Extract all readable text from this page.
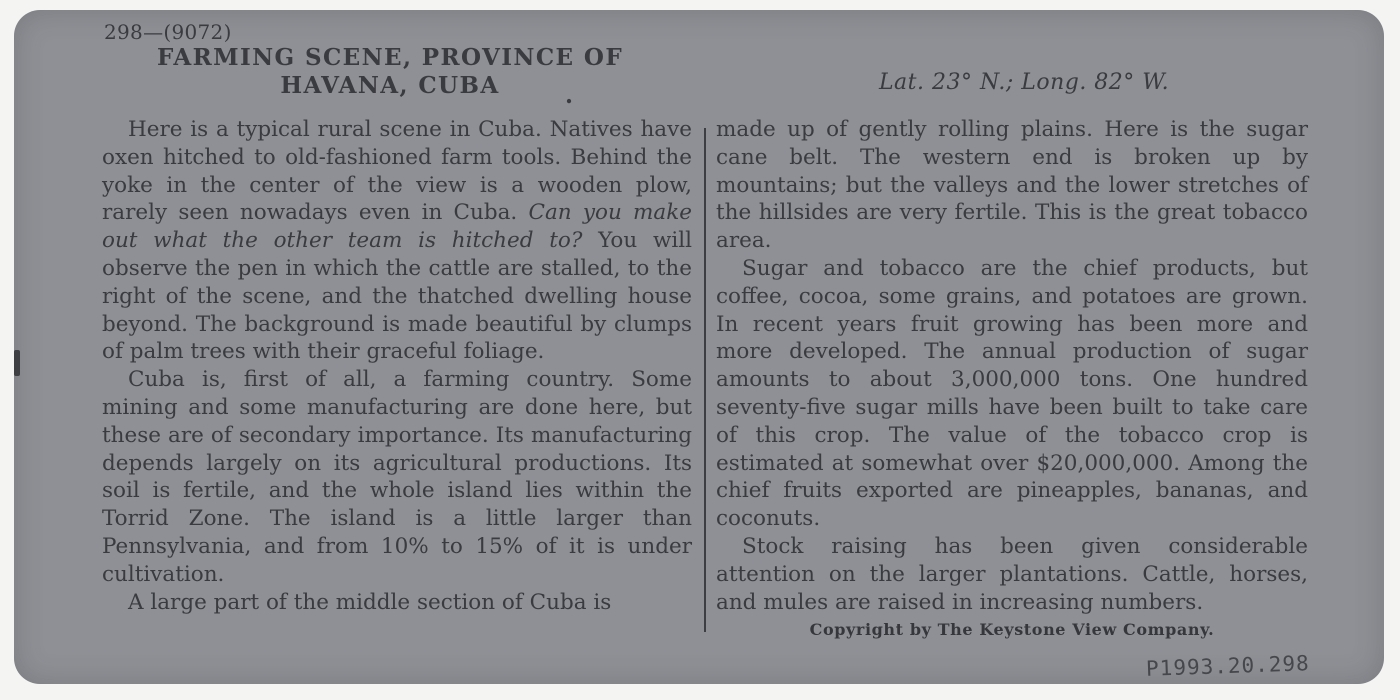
298—(9072)
FARMING SCENE, PROVINCE OF
HAVANA, CUBA	.	Lat. 23° N.; Long. 82° W.

Here is a typical rural scene in Cuba. Natives have oxen hitched to old-fashioned farm tools. Behind the yoke in the center of the view is a wooden plow, rarely seen nowadays even in Cuba. Can you make out what the other team is hitched to? You will observe the pen in which the cattle are stalled, to the right of the scene, and the thatched dwelling house beyond. The background is made beautiful by clumps of palm trees with their graceful foliage.

Cuba is, first of all, a farming country. Some mining and some manufacturing are done here, but these are of secondary importance. Its manufacturing depends largely on its agricultural productions. Its soil is fertile, and the whole island lies within the Torrid Zone. The island is a little larger than Pennsylvania, and from 10% to 15% of it is under cultivation.

A large part of the middle section of Cuba is

made up of gently rolling plains. Here is the sugar cane belt. The western end is broken up by mountains; but the valleys and the lower stretches of the hillsides are very fertile. This is the great tobacco area.

Sugar and tobacco are the chief products, but coffee, cocoa, some grains, and potatoes are grown. In recent years fruit growing has been more and more developed. The annual production of sugar amounts to about 3,000,000 tons. One hundred seventy-five sugar mills have been built to take care of this crop. The value of the tobacco crop is estimated at somewhat over $20,000,000. Among the chief fruits exported are pineapples, bananas, and coconuts.

Stock raising has been given considerable attention on the larger plantations. Cattle, horses, and mules are raised in increasing numbers.

Copyright by The Keystone View Company.
P1993.20.298
